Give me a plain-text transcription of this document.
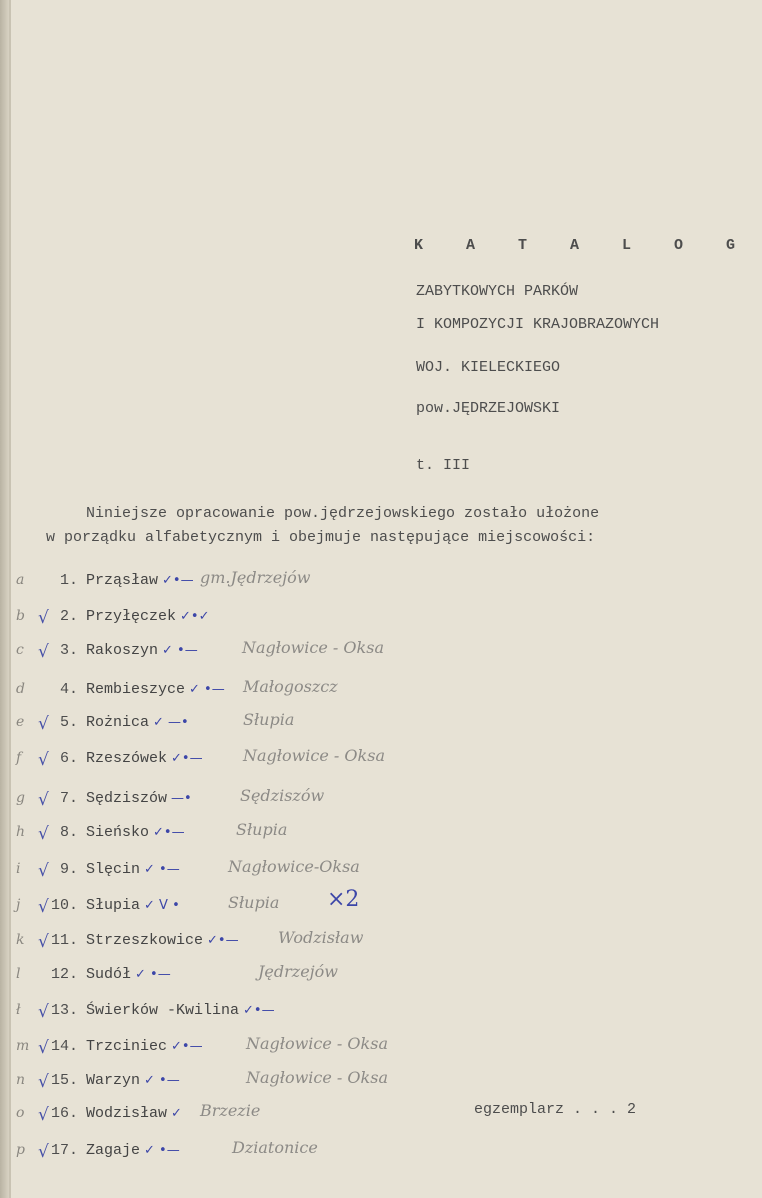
K A T A L O G
ZABYTKOWYCH PARKÓW
I KOMPOZYCJI KRAJOBRAZOWYCH
WOJ. KIELECKIEGO
pow.JĘDRZEJOWSKI
t. III
Niniejsze opracowanie pow.jędrzejowskiego zostało ułożone
w porządku alfabetycznym i obejmuje następujące miejscowości:
a 1. Prząsław ✓•— gm.Jędrzejów
b √ 2. Przyłęczek ✓•✓
c √ 3. Rakoszyn ✓ •—	Nagłowice - Oksa
d 4. Rembieszyce ✓ •— Małogoszcz
e √ 5. Rożnica ✓ —•	Słupia
f √ 6. Rzeszówek ✓•—	Nagłowice - Oksa
g √ 7. Sędziszów —•	Sędziszów
h √ 8. Sieńsko ✓•—	Słupia
i √ 9. Slęcin ✓ •—	Nagłowice-Oksa
j √ 10. Słupia ✓ V •	Słupia ×2
k √ 11. Strzeszkowice ✓•— Wodzisław
l 12. Sudół ✓ •—	Jędrzejów
ł √ 13. Świerków -Kwilina ✓•—
m √ 14. Trzciniec ✓•—	Nagłowice - Oksa
n √ 15. Warzyn ✓ •—	Nagłowice - Oksa
o √ 16. Wodzisław ✓ Brzezie
p √ 17. Zagaje ✓ •—	Dziatonice
egzemplarz . . . 2
